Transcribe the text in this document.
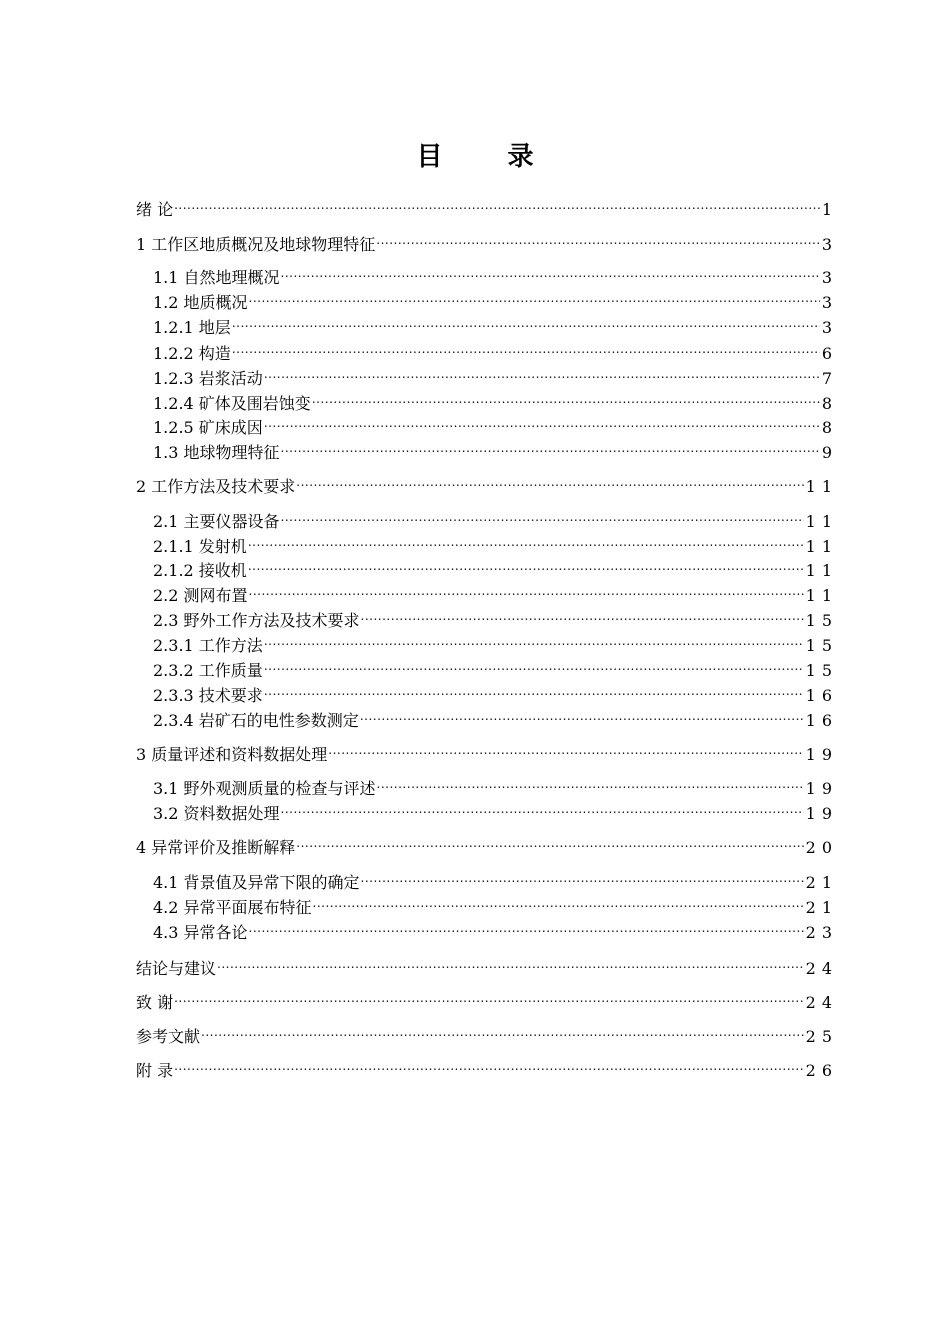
目 录
绪 论 .....	1
1 工作区地质概况及地球物理特征 .....	3
1.1 自然地理概况 .....	3
1.2 地质概况 .....	3
1.2.1 地层 .....	3
1.2.2 构造 .....	6
1.2.3 岩浆活动 .....	7
1.2.4 矿体及围岩蚀变 .....	8
1.2.5 矿床成因 .....	8
1.3 地球物理特征 .....	9
2 工作方法及技术要求 .....	11
2.1 主要仪器设备 .....	11
2.1.1 发射机 .....	11
2.1.2 接收机 .....	11
2.2 测网布置 .....	11
2.3 野外工作方法及技术要求 .....	15
2.3.1 工作方法 .....	15
2.3.2 工作质量 .....	15
2.3.3 技术要求 .....	16
2.3.4 岩矿石的电性参数测定 .....	16
3 质量评述和资料数据处理 .....	19
3.1 野外观测质量的检查与评述 .....	19
3.2 资料数据处理 .....	19
4 异常评价及推断解释 .....	20
4.1 背景值及异常下限的确定 .....	21
4.2 异常平面展布特征 .....	21
4.3 异常各论 .....	23
结论与建议 .....	24
致 谢 .....	24
参考文献 .....	25
附 录 .....	26
